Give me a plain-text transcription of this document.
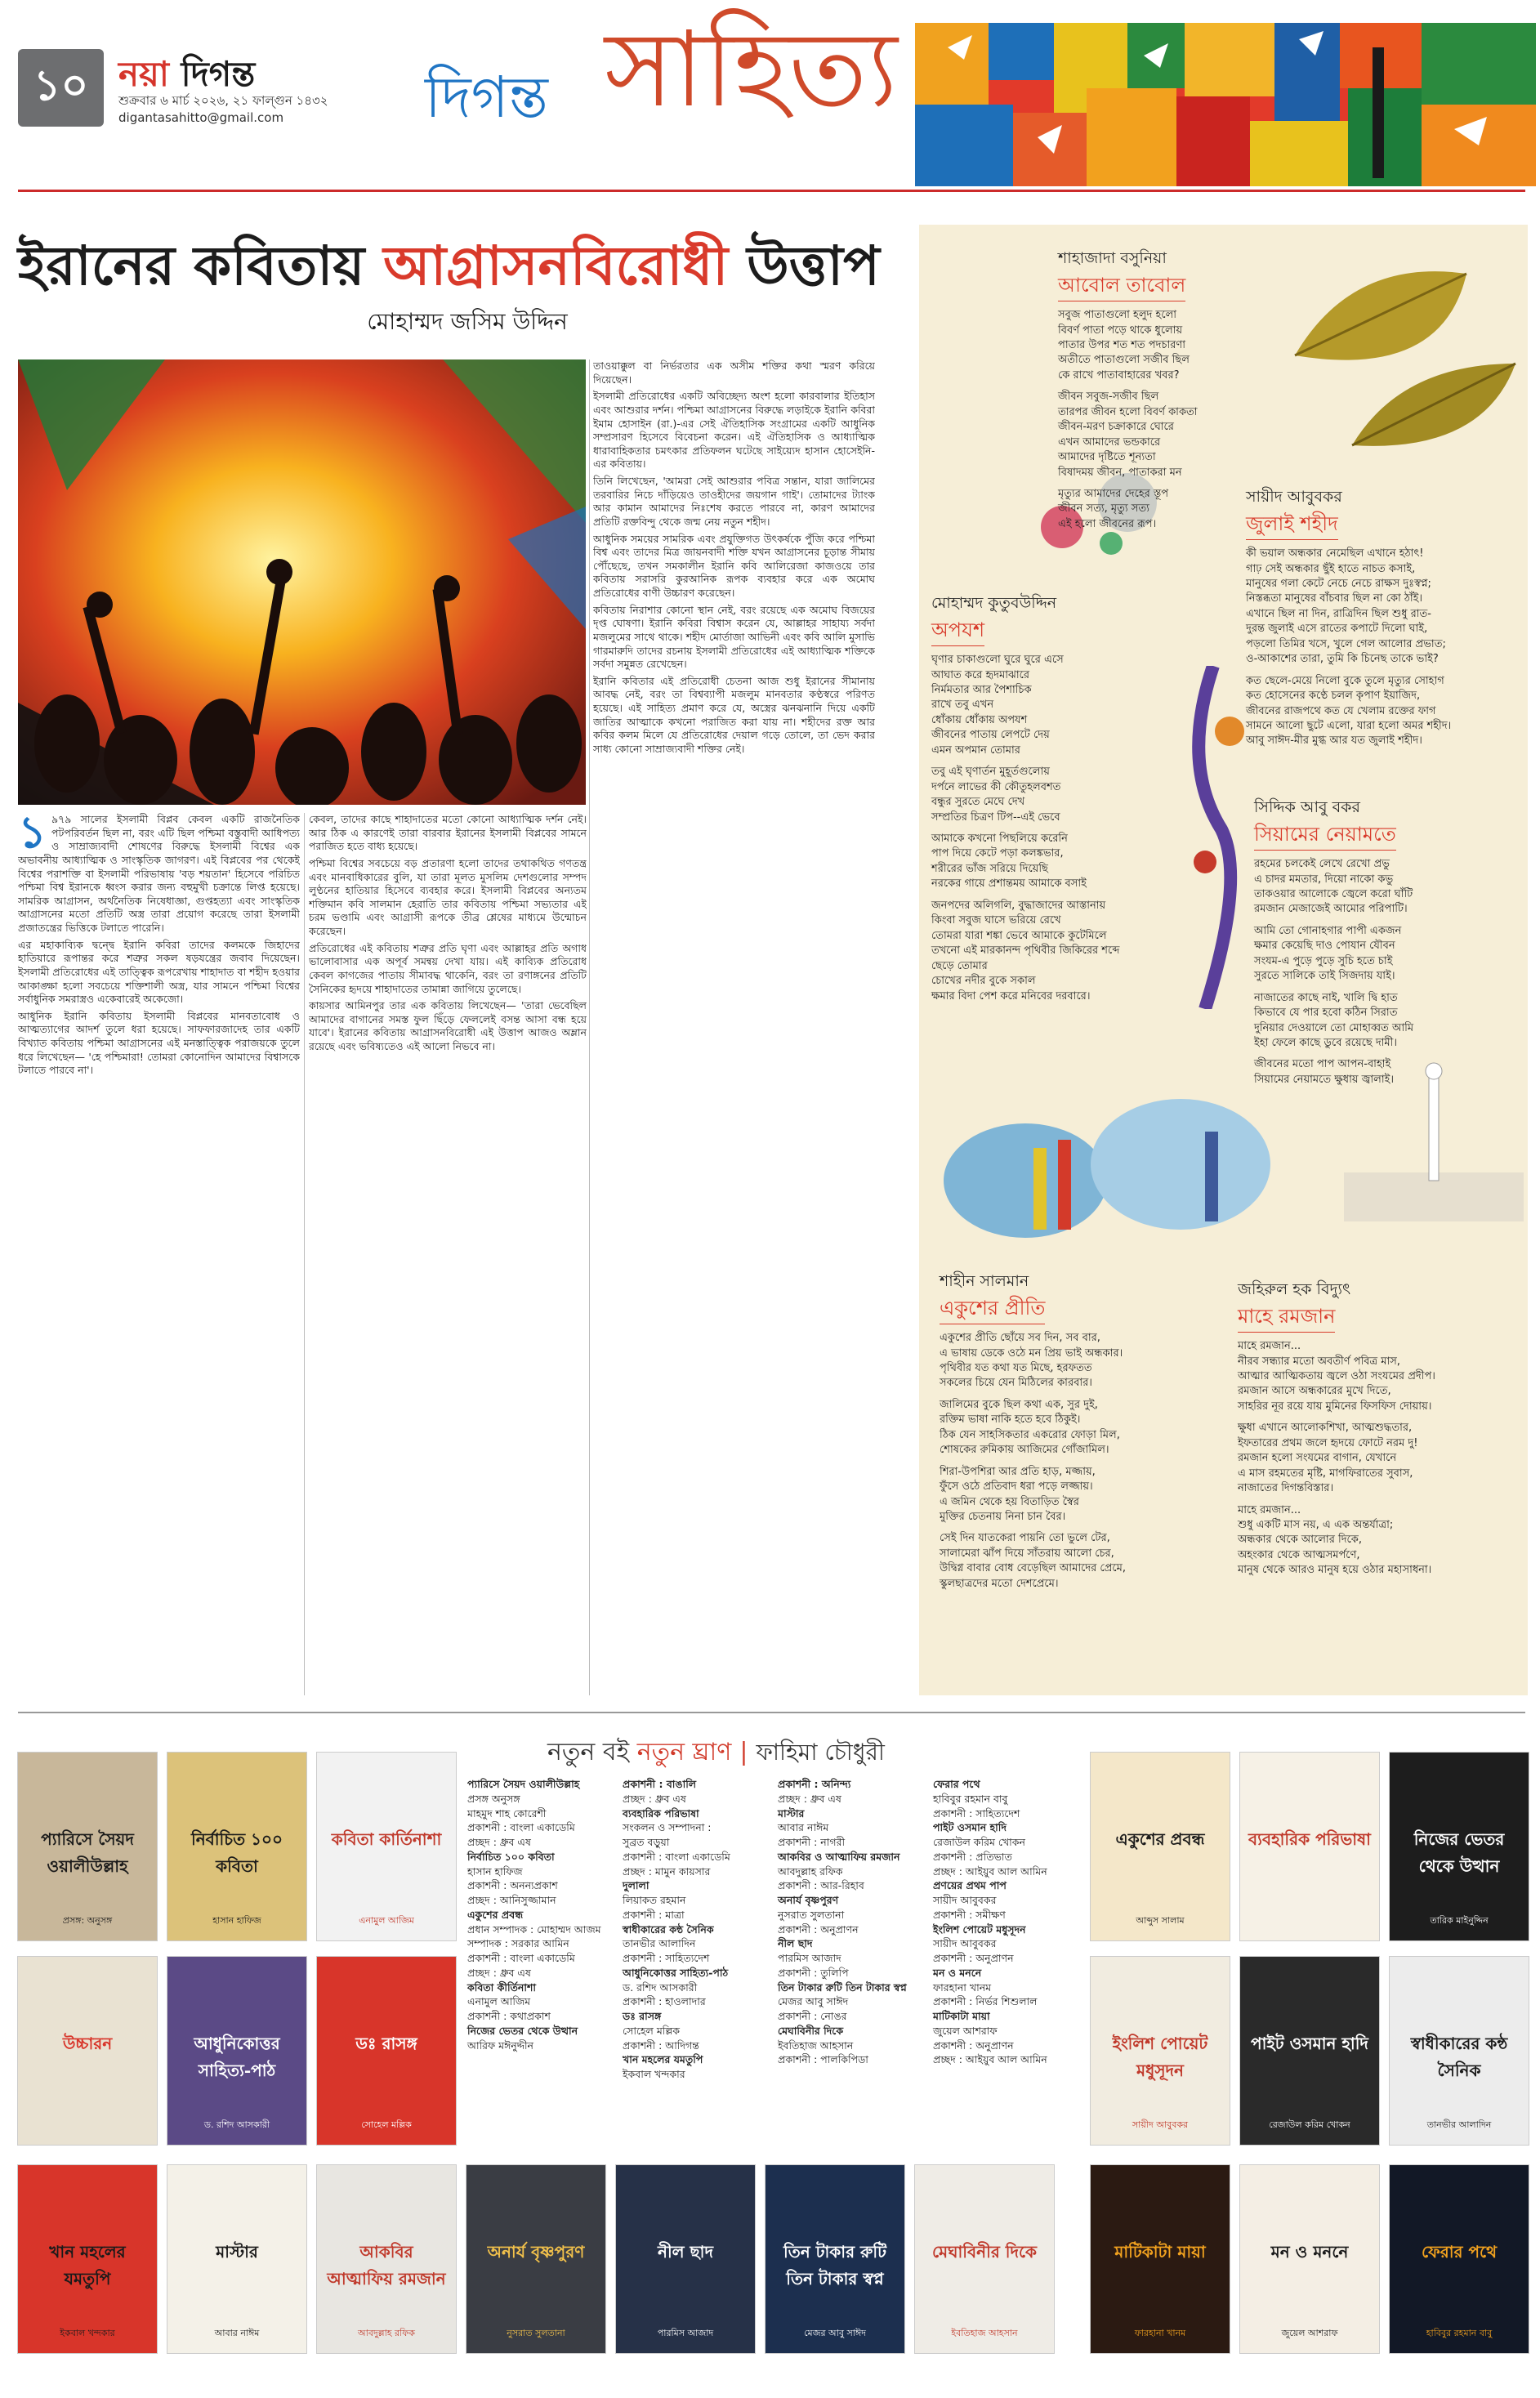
১০ নয়া দিগন্ত
শুক্রবার ৬ মার্চ ২০২৬, ২১ ফাল্গুন ১৪৩২
digantasahitto@gmail.com দিগন্ত সাহিত্য
ইরানের কবিতায় আগ্রাসনবিরোধী উত্তাপ
মোহাম্মদ জসিম উদ্দিন

১ ৯৭৯ সালের ইসলামী বিপ্লব কেবল একটি রাজনৈতিক পটপরিবর্তন ছিল না, বরং এটি ছিল পশ্চিমা বস্তুবাদী আধিপত্য ও সাম্রাজ্যবাদী শোষণের বিরুদ্ধে ইসলামী বিশ্বের এক অভাবনীয় আধ্যাত্মিক ও সাংস্কৃতিক জাগরণ। এই বিপ্লবের পর থেকেই বিশ্বের পরাশক্তি বা ইসলামী পরিভাষায় 'বড় শয়তান' হিসেবে পরিচিত পশ্চিমা বিশ্ব ইরানকে ধ্বংস করার জন্য বহুমুখী চক্রান্তে লিপ্ত হয়েছে। সামরিক আগ্রাসন, অর্থনৈতিক নিষেধাজ্ঞা, গুপ্তহত্যা এবং সাংস্কৃতিক আগ্রাসনের মতো প্রতিটি অস্ত্র তারা প্রয়োগ করেছে তারা ইসলামী প্রজাতন্ত্রের ভিত্তিকে টলাতে পারেনি।

এর মহাকাব্যিক দ্বন্দ্বে ইরানি কবিরা তাদের কলমকে জিহাদের হাতিয়ারে রূপান্তর করে শত্রুর সকল ষড়যন্ত্রের জবাব দিয়েছেন। ইসলামী প্রতিরোধের এই তাত্ত্বিক রূপরেখায় শাহাদাত বা শহীদ হওয়ার আকাঙ্ক্ষা হলো সবচেয়ে শক্তিশালী অস্ত্র, যার সামনে পশ্চিমা বিশ্বের সর্বাধুনিক সমরাস্ত্রও একেবারেই অকেজো।

আধুনিক ইরানি কবিতায় ইসলামী বিপ্লবের মানবতাবোধ ও আত্মত্যাগের আদর্শ তুলে ধরা হয়েছে। সাফফারজাদেহ তার একটি বিখ্যাত কবিতায় পশ্চিমা আগ্রাসনের এই মনস্তাত্ত্বিক পরাজয়কে তুলে ধরে লিখেছেন— 'হে পশ্চিমারা! তোমরা কোনোদিন আমাদের বিশ্বাসকে টলাতে পারবে না'।

কেবল, তাদের কাছে শাহাদাতের মতো কোনো আধ্যাত্মিক দর্শন নেই। আর ঠিক এ কারণেই তারা বারবার ইরানের ইসলামী বিপ্লবের সামনে পরাজিত হতে বাধ্য হয়েছে।

পশ্চিমা বিশ্বের সবচেয়ে বড় প্রতারণা হলো তাদের তথাকথিত গণতন্ত্র এবং মানবাধিকারের বুলি, যা তারা মূলত মুসলিম দেশগুলোর সম্পদ লুণ্ঠনের হাতিয়ার হিসেবে ব্যবহার করে। ইসলামী বিপ্লবের অন্যতম শক্তিমান কবি সালমান হেরাতি তার কবিতায় পশ্চিমা সভ্যতার এই চরম ভণ্ডামি এবং আগ্রাসী রূপকে তীব্র শ্লেষের মাধ্যমে উন্মোচন করেছেন।

প্রতিরোধের এই কবিতায় শত্রুর প্রতি ঘৃণা এবং আল্লাহর প্রতি অগাধ ভালোবাসার এক অপূর্ব সমন্বয় দেখা যায়। এই কাব্যিক প্রতিরোধ কেবল কাগজের পাতায় সীমাবদ্ধ থাকেনি, বরং তা রণাঙ্গনের প্রতিটি সৈনিকের হৃদয়ে শাহাদাতের তামান্না জাগিয়ে তুলেছে।

কায়সার আমিনপুর তার এক কবিতায় লিখেছেন— 'তারা ভেবেছিল আমাদের বাগানের সমস্ত ফুল ছিঁড়ে ফেললেই বসন্ত আসা বন্ধ হয়ে যাবে'। ইরানের কবিতায় আগ্রাসনবিরোধী এই উত্তাপ আজও অম্লান রয়েছে এবং ভবিষ্যতেও এই আলো নিভবে না।

তাওয়াক্কুল বা নির্ভরতার এক অসীম শক্তির কথা স্মরণ করিয়ে দিয়েছেন।

ইসলামী প্রতিরোধের একটি অবিচ্ছেদ্য অংশ হলো কারবালার ইতিহাস এবং আশুরার দর্শন। পশ্চিমা আগ্রাসনের বিরুদ্ধে লড়াইকে ইরানি কবিরা ইমাম হোসাইন (রা.)-এর সেই ঐতিহাসিক সংগ্রামের একটি আধুনিক সম্প্রসারণ হিসেবে বিবেচনা করেন। এই ঐতিহাসিক ও আধ্যাত্মিক ধারাবাহিকতার চমৎকার প্রতিফলন ঘটেছে সাইয়্যেদ হাসান হোসেইনি-এর কবিতায়।

তিনি লিখেছেন, 'আমরা সেই আশুরার পবিত্র সন্তান, যারা জালিমের তরবারির নিচে দাঁড়িয়েও তাওহীদের জয়গান গাই'। তোমাদের ট্যাংক আর কামান আমাদের নিঃশেষ করতে পারবে না, কারণ আমাদের প্রতিটি রক্তবিন্দু থেকে জন্ম নেয় নতুন শহীদ।

আধুনিক সময়ের সামরিক এবং প্রযুক্তিগত উৎকর্ষকে পুঁজি করে পশ্চিমা বিশ্ব এবং তাদের মিত্র জায়নবাদী শক্তি যখন আগ্রাসনের চূড়ান্ত সীমায় পৌঁছেছে, তখন সমকালীন ইরানি কবি আলিরেজা কাজওয়ে তার কবিতায় সরাসরি কুরআনিক রূপক ব্যবহার করে এক অমোঘ প্রতিরোধের বাণী উচ্চারণ করেছেন।

কবিতায় নিরাশার কোনো স্থান নেই, বরং রয়েছে এক অমোঘ বিজয়ের দৃপ্ত ঘোষণা। ইরানি কবিরা বিশ্বাস করেন যে, আল্লাহর সাহায্য সর্বদা মজলুমের সাথে থাকে। শহীদ মোর্তাজা আভিনী এবং কবি আলি মুসাভি গারমারুদি তাদের রচনায় ইসলামী প্রতিরোধের এই আধ্যাত্মিক শক্তিকে সর্বদা সমুন্নত রেখেছেন।

ইরানি কবিতার এই প্রতিরোধী চেতনা আজ শুধু ইরানের সীমানায় আবদ্ধ নেই, বরং তা বিশ্বব্যাপী মজলুম মানবতার কণ্ঠস্বরে পরিণত হয়েছে। এই সাহিত্য প্রমাণ করে যে, অস্ত্রের ঝনঝনানি দিয়ে একটি জাতির আত্মাকে কখনো পরাজিত করা যায় না। শহীদের রক্ত আর কবির কলম মিলে যে প্রতিরোধের দেয়াল গড়ে তোলে, তা ভেদ করার সাধ্য কোনো সাম্রাজ্যবাদী শক্তির নেই।

শাহাজাদা বসুনিয়া
আবোল তাবোল
সবুজ পাতাগুলো হলুদ হলো
বিবর্ণ পাতা পড়ে থাকে ধুলোয়
পাতার উপর শত শত পদচারণা
অতীতে পাতাগুলো সজীব ছিল
কে রাখে পাতাবাহারের খবর?
জীবন সবুজ-সজীব ছিল
তারপর জীবন হলো বিবর্ণ কাকতা
জীবন-মরণ চক্রাকারে ঘোরে
এখন আমাদের ভন্ডকারে
আমাদের দৃষ্টিতে শূন্যতা
বিষাদময় জীবন, পাতাকরা মন
মৃত্যুর আমাদের দেহের স্তূপ
জীবন সত্য, মৃত্যু সত্য
এই হলো জীবনের রূপ।
সায়ীদ আবুবকর
জুলাই শহীদ
কী ভয়াল অন্ধকার নেমেছিল এখানে হঠাৎ!
গাঢ় সেই অন্ধকার ছুঁই হাতে নাচত কসাই,
মানুষের গলা কেটে নেচে নেচে রাক্ষস দুঃস্বপ্ন;
নিস্তব্ধতা মানুষের বাঁচবার ছিল না কো ঠাঁই।
এখানে ছিল না দিন, রাত্রিদিন ছিল শুধু রাত-
দুরন্ত জুলাই এসে রাতের কপাটে দিলো ঘাই,
পড়লো তিমির খসে, খুলে গেল আলোর প্রভাত;
ও-আকাশের তারা, তুমি কি চিনেছ তাকে ভাই?
কত ছেলে-মেয়ে নিলো বুকে তুলে মৃত্যুর সোহাগ
কত হোসেনের কণ্ঠে চলল কৃপাণ ইয়াজিদ,
জীবনের রাজপথে কত যে খেলাম রক্তের ফাগ
সামনে আলো ছুটে এলো, যারা হলো অমর শহীদ।
আবু সাঈদ-মীর মুগ্ধ আর যত জুলাই শহীদ।
মোহাম্মদ কুতুবউদ্দিন
অপযশ
ঘৃণার চাকাগুলো ঘুরে ঘুরে এসে
আঘাত করে হৃদমাঝারে
নির্মমতার আর পৈশাচিক
রাখে তবু এখন
ধোঁকায় ধোঁকায় অপযশ
জীবনের পাতায় লেপটে দেয়
এমন অপমান তোমার
তবু এই ঘৃণার্তন মুহূর্তগুলোয়
দর্পনে লাভের কী কৌতুহলবশত
বন্ধুর সুরতে মেঘে দেখ
সম্প্রতির চিত্রণ টিপ--এই ভেবে
আমাকে কখনো পিছলিয়ে করেনি
পাপ দিয়ে কেটে পড়া কলঙ্কভার,
শরীরের ভাঁজ সরিয়ে দিয়েছি
নরকের গায়ে প্রশান্তময় আমাকে বসাই
জনপদের অলিগলি, বুদ্ধাজাদের আস্তানায়
কিংবা সবুজ ঘাসে ভরিয়ে রেখে
তোমরা যারা শঙ্কা ভেবে আমাকে কুটেমিলে
তখনো এই মারকানন্দ পৃথিবীর জিকিরের শব্দে
ছেড়ে তোমার
চোখের নদীর বুকে সকাল
ক্ষমার বিদা পেশ করে মনিবের দরবারে।
সিদ্দিক আবু বকর
সিয়ামের নেয়ামতে
রহমের চলকেই লেখে রেখো প্রভু
এ চাদর মমতার, দিয়ো নাকো কভু
তাকওয়ার আলোকে জ্বেলে করো ঘাঁটি
রমজান মেজাজেই আমোর পরিপাটি।
আমি তো গোনাহগার পাপী একজন
ক্ষমার কেয়েছি দাও পোযান যৌবন
সংযম-এ পুড়ে পুড়ে সুচি হতে চাই
সুরতে সালিকে তাই সিজদায় যাই।
নাজাতের কাছে নাই, খালি দ্বি হাত
কিভাবে যে পার হবো কঠিন সিরাত
দুনিয়ার দেওয়ালে তো মোহাব্বত আমি
ইহা ফেলে কাছে ডুবে রয়েছে দামী।
জীবনের মতো পাপ আপন-বাহাই
সিয়ামের নেয়ামতে ক্ষুধায় জ্বালাই।
শাহীন সালমান
একুশের প্রীতি
একুশের প্রীতি ছোঁয়ে সব দিন, সব বার,
এ ভাষায় ডেকে ওঠে মন প্রিয় ভাই অন্ধকার।
পৃথিবীর যত কথা যত মিছে, হরফতত
সকলের চিয়ে যেন মিঠিলের কারবার।
জালিমের বুকে ছিল কথা এক, সুর দুই,
রক্তিম ভাষা নাকি হতে হবে ঠিকুই।
ঠিক যেন সাহসিকতার একরোর ফোড়া মিল,
শোষকের রুমিকায় আজিমের গোঁজামিল।
শিরা-উপশিরা আর প্রতি হাড়, মজ্জায়,
ফুঁসে ওঠে প্রতিবাদ ধরা পড়ে লজ্জায়।
এ জমিন থেকে হয় বিতাড়িত স্বৈর
মুক্তির চেতনায় নিনা চান বৈর।
সেই দিন যাতকেরা পায়নি তো ভুলে টের,
সালামেরা ঝাঁপ দিয়ে সাঁতরায় আলো চের,
উদ্বিগ্ন বাবার বোধ বেড়েছিল আমাদের প্রেমে,
স্কুলছাত্রদের মতো দেশপ্রেমে।
জহিরুল হক বিদ্যুৎ
মাহে রমজান
মাহে রমজান...
নীরব সন্ধ্যার মতো অবতীর্ণ পবিত্র মাস,
আত্মার আত্মিকতায় জ্বলে ওঠা সংযমের প্রদীপ।
রমজান আসে অন্ধকারের মুখে দিতে,
সাহরির নূর রয়ে যায় মুমিনের ফিসফিস দোয়ায়।
ক্ষুধা এখানে আলোকশিখা, আত্মশুদ্ধতার,
ইফতারের প্রথম জলে হৃদয়ে ফোটে নরম দু!
রমজান হলো সংযমের বাগান, যেখানে
এ মাস রহমতের মৃষ্টি, মাগফিরাতের সুবাস,
নাজাতের দিগন্তবিস্তার।
মাহে রমজান...
শুধু একটি মাস নয়, এ এক অন্তর্যাত্রা;
অন্ধকার থেকে আলোর দিকে,
অহংকার থেকে আত্মসমর্পণে,
মানুষ থেকে আরও মানুষ হয়ে ওঠার মহাসাধনা।
নতুন বই নতুন ঘ্রাণ | ফাহিমা চৌধুরী
প্যারিসে সৈয়দ ওয়ালীউল্লাহ
প্রসঙ্গ: অনুসঙ্গ
নির্বাচিত ১০০ কবিতা
হাসান হাফিজ
কবিতা কার্তিনাশা
এনামুল আজিম
একুশের প্রবন্ধ
আব্দুস সালাম
ব্যবহারিক পরিভাষা	নিজের ভেতর থেকে উত্থান
তারিক মাইনুদ্দিন
উচ্চারন	আধুনিকোত্তর সাহিত্য-পাঠ
ড. রশিদ আসকারী
ডঃ রাসঙ্গ
সোহেল মল্লিক
ইংলিশ পোয়েট মধুসূদন
সায়ীদ আবুবকর
পাইট ওসমান হাদি
রেজাউল করিম খোকন
স্বাধীকারের কন্ঠ সৈনিক
তানভীর আলাদিন
খান মহলের যমতুপি
ইকবাল খন্দকার
মাস্টার
আবার নাঈম
আকবির আত্মাফিয় রমজান
আবদুল্লাহ রফিক
অনার্য বৃষ্ণপুরণ
নুসরাত সুলতানা
নীল ছাদ
পারমিস আজাদ
তিন টাকার রুটি তিন টাকার স্বপ্ন
মেজর আবু সাঈদ
মেঘাবিনীর দিকে
ইবতিহাজ আহসান
মাটিকাটা মায়া
ফারহানা খানম
মন ও মননে
জুয়েল আশরাফ
ফেরার পথে
হাবিবুর রহমান বাবু
প্যারিসে সৈয়দ ওয়ালীউল্লাহ
প্রসঙ্গ অনুসঙ্গ
মাহমুদ শাহ কোরেশী
প্রকাশনী : বাংলা একাডেমি
প্রচ্ছদ : ধ্রুব এষ
নির্বাচিত ১০০ কবিতা
হাসান হাফিজ
প্রকাশনী : অনন্যপ্রকাশ
প্রচ্ছদ : আনিসুজ্জামান
একুশের প্রবন্ধ
প্রধান সম্পাদক : মোহাম্মদ আজম
সম্পাদক : সরকার আমিন
প্রকাশনী : বাংলা একাডেমি
প্রচ্ছদ : ধ্রুব এষ
কবিতা কীর্তিনাশা
এনামুল আজিম
প্রকাশনী : কথাপ্রকাশ
নিজের ভেতর থেকে উত্থান
আরিফ মঈনুদ্দীন
প্রকাশনী : বাঙালি
প্রচ্ছদ : ধ্রুব এষ
ব্যবহারিক পরিভাষা
সংকলন ও সম্পাদনা :
সুব্রত বড়ুয়া
প্রকাশনী : বাংলা একাডেমি
প্রচ্ছদ : মামুন কায়সার
দুলালা
লিয়াকত রহমান
প্রকাশনী : মাত্রা
স্বাধীকারের কন্ঠ সৈনিক
তানভীর আলাদিন
প্রকাশনী : সাহিত্যদেশ
আধুনিকোত্তর সাহিত্য-পাঠ
ড. রশিদ আসকারী
প্রকাশনী : হাওলাদার
ডঃ রাসঙ্গ
সোহেল মল্লিক
প্রকাশনী : আদিগন্ত
খান মহলের যমতুপি
ইকবাল খন্দকার
প্রকাশনী : অনিন্দ্য
প্রচ্ছদ : ধ্রুব এষ
মাস্টার
আবার নাঈম
প্রকাশনী : নাগরী
আকবির ও আত্মাফিয় রমজান
আবদুল্লাহ রফিক
প্রকাশনী : আর-রিহাব
অনার্য বৃষ্ণপুরণ
নুসরাত সুলতানা
প্রকাশনী : অনুপ্রাণন
নীল ছাদ
পারমিস আজাদ
প্রকাশনী : তুলিপি
তিন টাকার রুটি তিন টাকার স্বপ্ন
মেজর আবু সাঈদ
প্রকাশনী : নোঙর
মেঘাবিনীর দিকে
ইবতিহাজ আহসান
প্রকাশনী : পালকিপিডা
ফেরার পথে
হাবিবুর রহমান বাবু
প্রকাশনী : সাহিত্যদেশ
পাইট ওসমান হাদি
রেজাউল করিম খোকন
প্রকাশনী : প্রতিভাত
প্রচ্ছদ : আইয়ুব আল আমিন
প্রণয়ের প্রথম পাপ
সায়ীদ আবুবকর
প্রকাশনী : সমীক্ষণ
ইংলিশ পোয়েট মধুসূদন
সায়ীদ আবুবকর
প্রকাশনী : অনুপ্রাণন
মন ও মননে
ফারহানা খানম
প্রকাশনী : নির্ভর শিশুলাল
মাটিকাটা মায়া
জুয়েল আশরাফ
প্রকাশনী : অনুপ্রাণন
প্রচ্ছদ : আইয়ুব আল আমিন
